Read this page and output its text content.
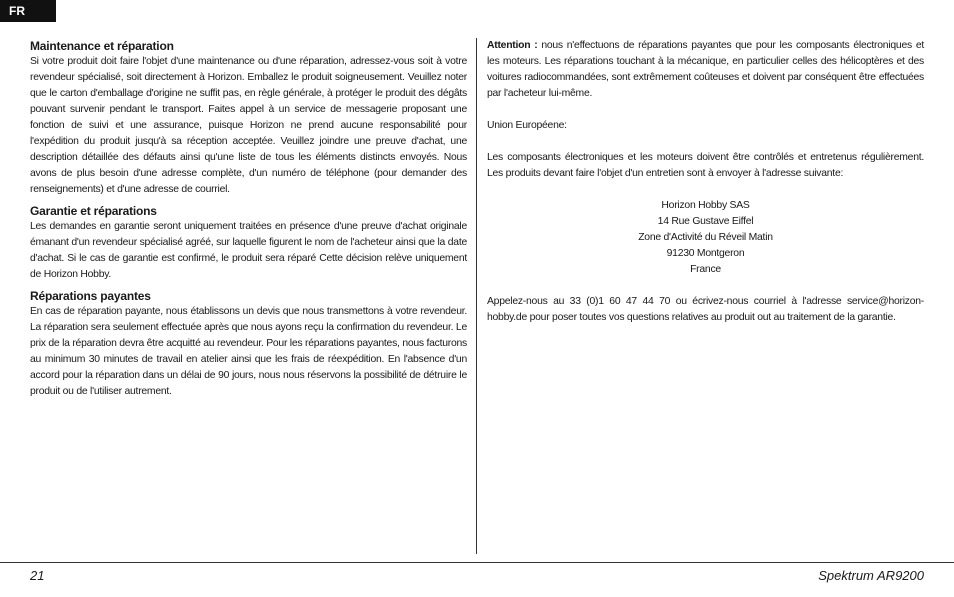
FR
Maintenance et réparation

Si votre produit doit faire l'objet d'une maintenance ou d'une réparation, adressez-vous soit à votre revendeur spécialisé, soit directement à Horizon. Emballez le produit soigneusement. Veuillez noter que le carton d'emballage d'origine ne suffit pas, en règle générale, à protéger le produit des dégâts pouvant survenir pendant le transport. Faites appel à un service de messagerie proposant une fonction de suivi et une assurance, puisque Horizon ne prend aucune responsabilité pour l'expédition du produit jusqu'à sa réception acceptée. Veuillez joindre une preuve d'achat, une description détaillée des défauts ainsi qu'une liste de tous les éléments distincts envoyés. Nous avons de plus besoin d'une adresse complète, d'un numéro de téléphone (pour demander des renseignements) et d'une adresse de courriel.

Garantie et réparations

Les demandes en garantie seront uniquement traitées en présence d'une preuve d'achat originale émanant d'un revendeur spécialisé agréé, sur laquelle figurent le nom de l'acheteur ainsi que la date d'achat. Si le cas de garantie est confirmé, le produit sera réparé Cette décision relève uniquement de Horizon Hobby.

Réparations payantes

En cas de réparation payante, nous établissons un devis que nous transmettons à votre revendeur. La réparation sera seulement effectuée après que nous ayons reçu la confirmation du revendeur. Le prix de la réparation devra être acquitté au revendeur. Pour les réparations payantes, nous facturons au minimum 30 minutes de travail en atelier ainsi que les frais de réexpédition. En l'absence d'un accord pour la réparation dans un délai de 90 jours, nous nous réservons la possibilité de détruire le produit ou de l'utiliser autrement.

Attention : nous n'effectuons de réparations payantes que pour les composants électroniques et les moteurs. Les réparations touchant à la mécanique, en particulier celles des hélicoptères et des voitures radiocommandées, sont extrêmement coûteuses et doivent par conséquent être effectuées par l'acheteur lui-même.

Union Européene:

Les composants électroniques et les moteurs doivent être contrôlés et entretenus régulièrement. Les produits devant faire l'objet d'un entretien sont à envoyer à l'adresse suivante:

Horizon Hobby SAS
14 Rue Gustave Eiffel
Zone d'Activité du Réveil Matin
91230 Montgeron
France

Appelez-nous au 33 (0)1 60 47 44 70 ou écrivez-nous courriel à l'adresse service@horizon-hobby.de pour poser toutes vos questions relatives au produit out au traitement de la garantie.

21	Spektrum AR9200
